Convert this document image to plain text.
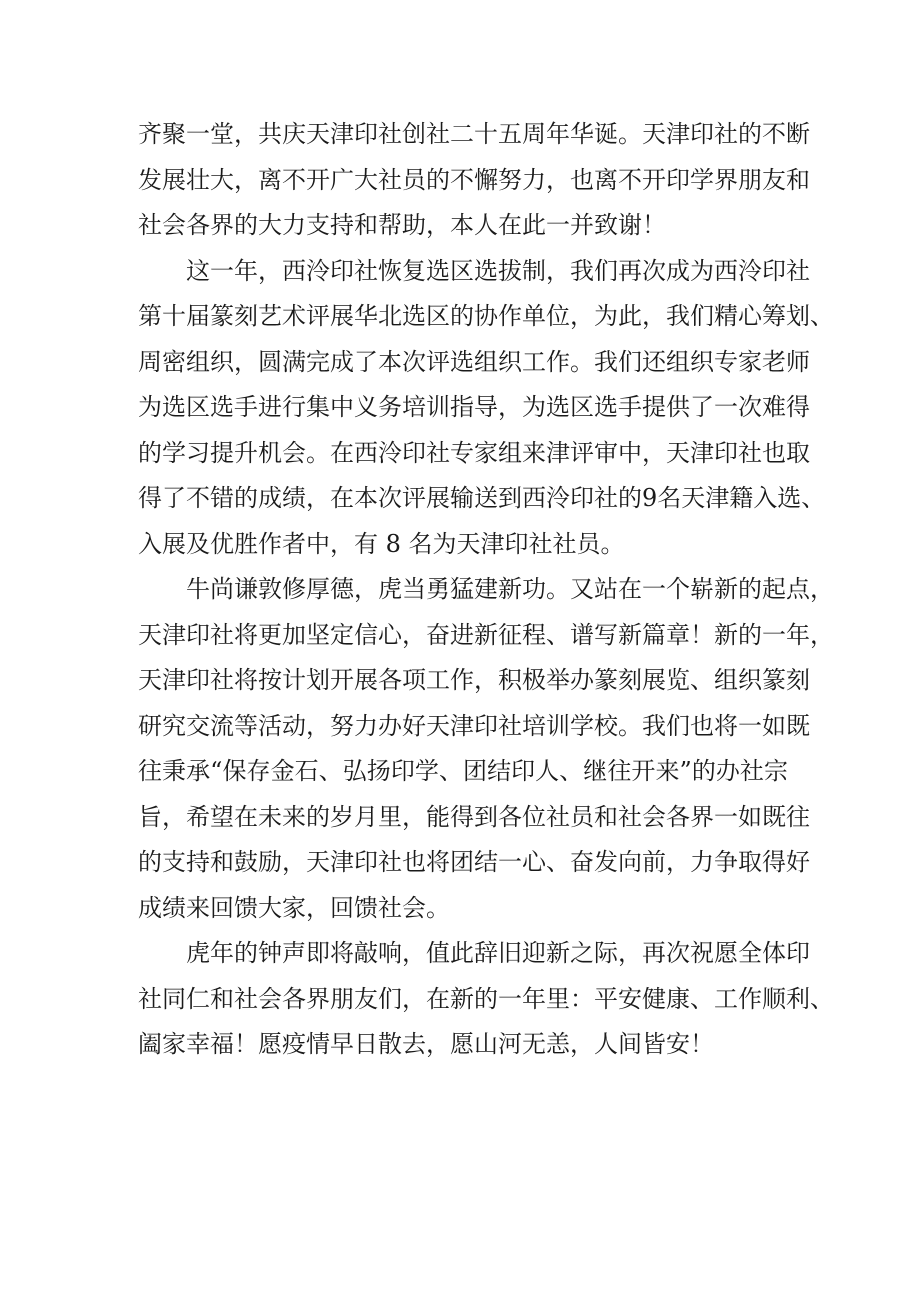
齐聚一堂，共庆天津印社创社二十五周年华诞。天津印社的不断
发展壮大，离不开广大社员的不懈努力，也离不开印学界朋友和
社会各界的大力支持和帮助，本人在此一并致谢！
这一年，西泠印社恢复选区选拔制，我们再次成为西泠印社
第十届篆刻艺术评展华北选区的协作单位，为此，我们精心筹划、
周密组织，圆满完成了本次评选组织工作。我们还组织专家老师
为选区选手进行集中义务培训指导，为选区选手提供了一次难得
的学习提升机会。在西泠印社专家组来津评审中，天津印社也取
得了不错的成绩，在本次评展输送到西泠印社的9名天津籍入选、
入展及优胜作者中，有 8 名为天津印社社员。
牛尚谦敦修厚德，虎当勇猛建新功。又站在一个崭新的起点，
天津印社将更加坚定信心，奋进新征程、谱写新篇章！新的一年，
天津印社将按计划开展各项工作，积极举办篆刻展览、组织篆刻
研究交流等活动，努力办好天津印社培训学校。我们也将一如既
往秉承“保存金石、弘扬印学、团结印人、继往开来”的办社宗
旨，希望在未来的岁月里，能得到各位社员和社会各界一如既往
的支持和鼓励，天津印社也将团结一心、奋发向前，力争取得好
成绩来回馈大家，回馈社会。
虎年的钟声即将敲响，值此辞旧迎新之际，再次祝愿全体印
社同仁和社会各界朋友们，在新的一年里：平安健康、工作顺利、
阖家幸福！愿疫情早日散去，愿山河无恙，人间皆安！
